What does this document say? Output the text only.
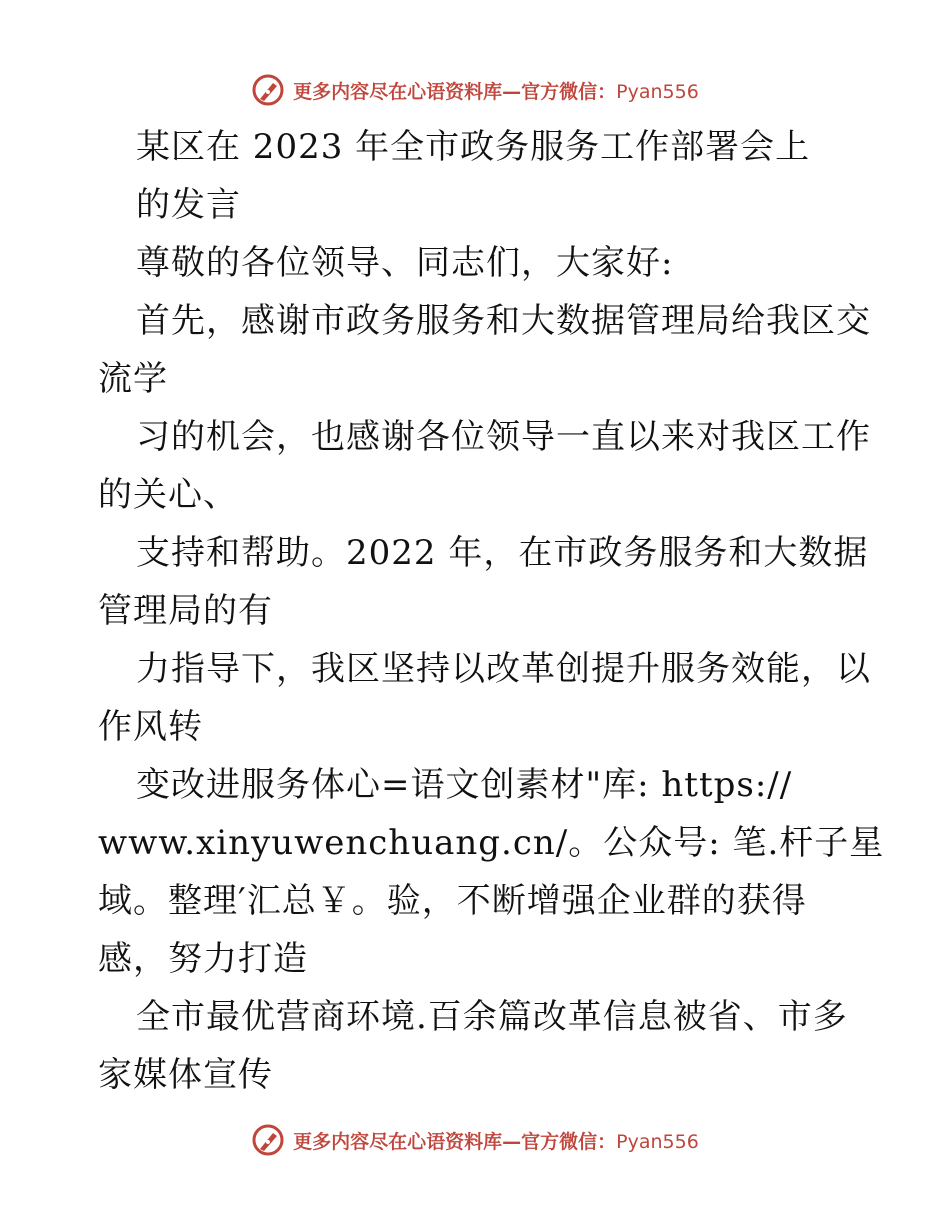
更多内容尽在心语资料库—官方微信：Pyan556
某区在 2023 年全市政务服务工作部署会上
的发言
尊敬的各位领导、同志们，大家好:
首先，感谢市政务服务和大数据管理局给我区交
流学
习的机会，也感谢各位领导一直以来对我区工作
的关心、
支持和帮助。2022 年，在市政务服务和大数据
管理局的有
力指导下，我区坚持以改革创提升服务效能，以
作风转
变改进服务体心=语文创素材"库: https://
www.xinyuwenchuang.cn/。公众号: 笔.杆子星
域。整理′汇总￥。验，不断增强企业群的获得
感，努力打造
全市最优营商环境.百余篇改革信息被省、市多
家媒体宣传
更多内容尽在心语资料库—官方微信：Pyan556
